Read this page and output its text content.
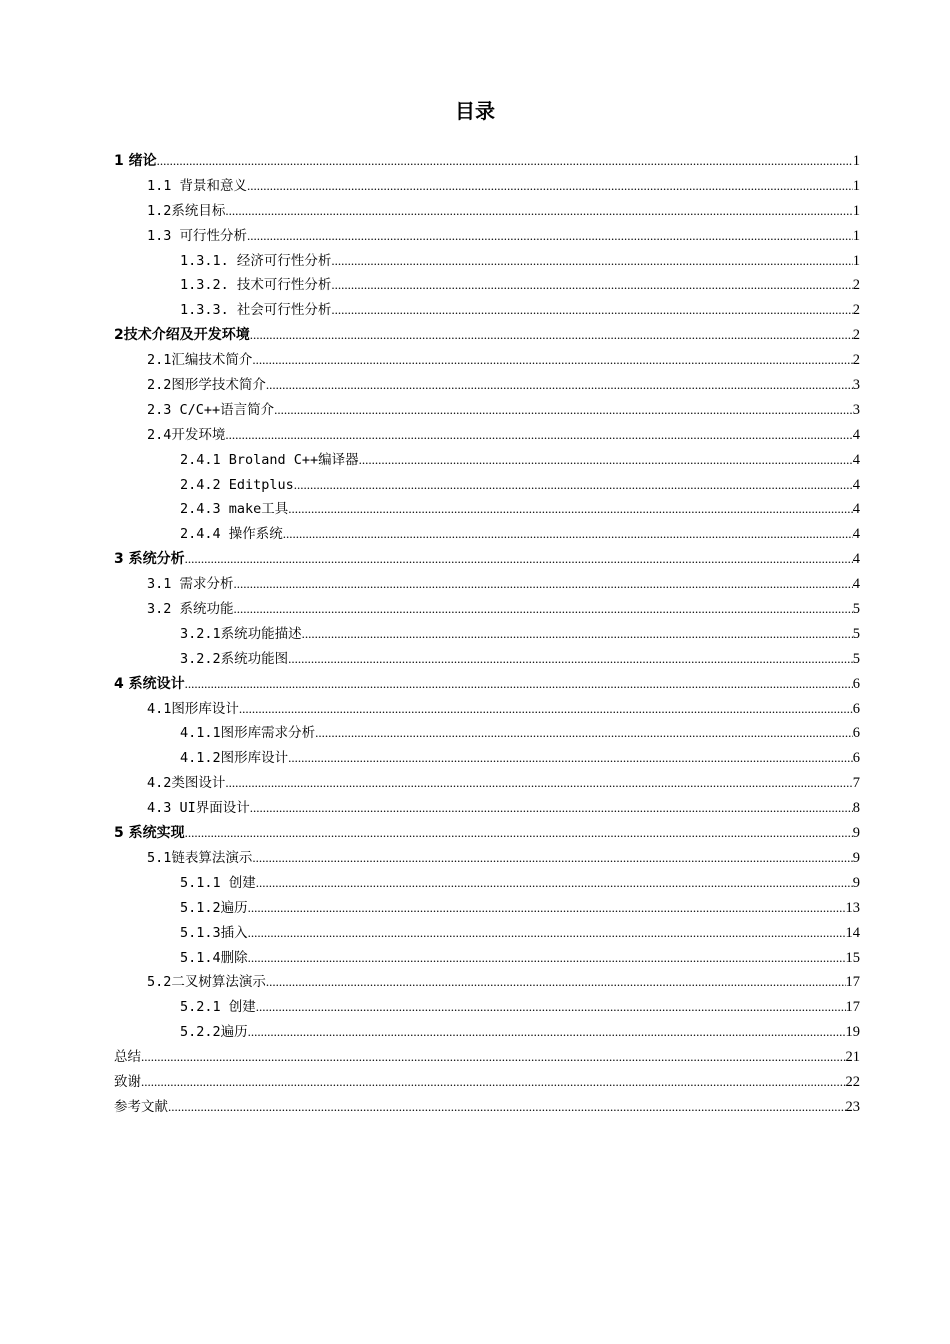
目录
1 绪论 .....	1
1.1 背景和意义 .....	1
1.2系统目标 .....	1
1.3 可行性分析 .....	1
1.3.1. 经济可行性分析 .....	1
1.3.2. 技术可行性分析 .....	2
1.3.3. 社会可行性分析 .....	2
2技术介绍及开发环境 .....	2
2.1汇编技术简介 .....	2
2.2图形学技术简介 .....	3
2.3 C/C++语言简介 .....	3
2.4开发环境 .....	4
2.4.1 Broland C++编译器 .....	4
2.4.2 Editplus .....	4
2.4.3 make工具 .....	4
2.4.4 操作系统 .....	4
3 系统分析 .....	4
3.1 需求分析 .....	4
3.2 系统功能 .....	5
3.2.1系统功能描述 .....	5
3.2.2系统功能图 .....	5
4 系统设计 .....	6
4.1图形库设计 .....	6
4.1.1图形库需求分析 .....	6
4.1.2图形库设计 .....	6
4.2类图设计 .....	7
4.3 UI界面设计 .....	8
5 系统实现 .....	9
5.1链表算法演示 .....	9
5.1.1 创建 .....	9
5.1.2遍历 .....	13
5.1.3插入 .....	14
5.1.4删除 .....	15
5.2二叉树算法演示 .....	17
5.2.1 创建 .....	17
5.2.2遍历 .....	19
总结 .....	21
致谢 .....	22
参考文献 .....	23
